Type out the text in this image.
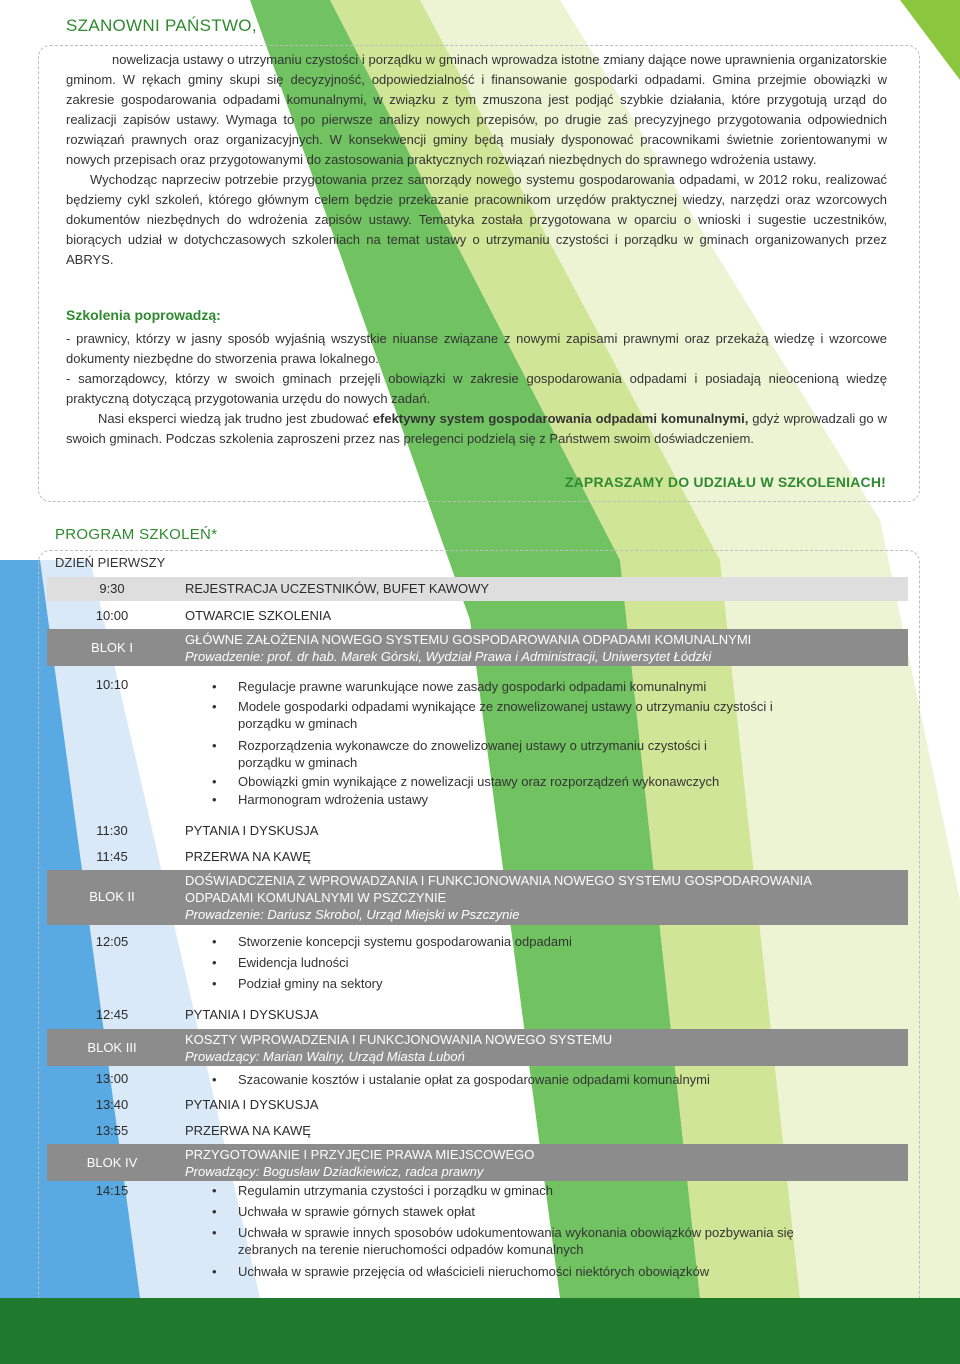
SZANOWNI PAŃSTWO,

nowelizacja ustawy o utrzymaniu czystości i porządku w gminach wprowadza istotne zmiany dające nowe uprawnienia organizatorskie gminom. W rękach gminy skupi się decyzyjność, odpowiedzialność i finansowanie gospodarki odpadami. Gmina przejmie obowiązki w zakresie gospodarowania odpadami komunalnymi, w związku z tym zmuszona jest podjąć szybkie działania, które przygotują urząd do realizacji zapisów ustawy. Wymaga to po pierwsze analizy nowych przepisów, po drugie zaś precyzyjnego przygotowania odpowiednich rozwiązań prawnych oraz organizacyjnych. W konsekwencji gminy będą musiały dysponować pracownikami świetnie zorientowanymi w nowych przepisach oraz przygotowanymi do zastosowania praktycznych rozwiązań niezbędnych do sprawnego wdrożenia ustawy.

Wychodząc naprzeciw potrzebie przygotowania przez samorządy nowego systemu gospodarowania odpadami, w 2012 roku, realizować będziemy cykl szkoleń, którego głównym celem będzie przekazanie pracownikom urzędów praktycznej wiedzy, narzędzi oraz wzorcowych dokumentów niezbędnych do wdrożenia zapisów ustawy. Tematyka została przygotowana w oparciu o wnioski i sugestie uczestników, biorących udział w dotychczasowych szkoleniach na temat ustawy o utrzymaniu czystości i porządku w gminach organizowanych przez ABRYS.

Szkolenia poprowadzą:

- prawnicy, którzy w jasny sposób wyjaśnią wszystkie niuanse związane z nowymi zapisami prawnymi oraz przekażą wiedzę i wzorcowe dokumenty niezbędne do stworzenia prawa lokalnego.

- samorządowcy, którzy w swoich gminach przejęli obowiązki w zakresie gospodarowania odpadami i posiadają nieocenioną wiedzę praktyczną dotyczącą przygotowania urzędu do nowych zadań.

Nasi eksperci wiedzą jak trudno jest zbudować efektywny system gospodarowania odpadami komunalnymi, gdyż wprowadzali go w swoich gminach. Podczas szkolenia zaproszeni przez nas prelegenci podzielą się z Państwem swoim doświadczeniem.

ZAPRASZAMY DO UDZIAŁU W SZKOLENIACH!
PROGRAM SZKOLEŃ*
DZIEŃ PIERWSZY
9:30	REJESTRACJA UCZESTNIKÓW, BUFET KAWOWY
10:00	OTWARCIE SZKOLENIA
BLOK I
GŁÓWNE ZAŁOŻENIA NOWEGO SYSTEMU GOSPODAROWANIA ODPADAMI KOMUNALNYMI
Prowadzenie: prof. dr hab. Marek Górski, Wydział Prawa i Administracji, Uniwersytet Łódzki
10:10	• Regulacje prawne warunkujące nowe zasady gospodarki odpadami komunalnymi
• Modele gospodarki odpadami wynikające ze znowelizowanej ustawy o utrzymaniu czystości i porządku w gminach
• Rozporządzenia wykonawcze do znowelizowanej ustawy o utrzymaniu czystości i porządku w gminach
• Obowiązki gmin wynikające z nowelizacji ustawy oraz rozporządzeń wykonawczych
• Harmonogram wdrożenia ustawy
11:30	PYTANIA I DYSKUSJA
11:45	PRZERWA NA KAWĘ
BLOK II
DOŚWIADCZENIA Z WPROWADZANIA I FUNKCJONOWANIA NOWEGO SYSTEMU GOSPODAROWANIA
ODPADAMI KOMUNALNYMI W PSZCZYNIE
Prowadzenie: Dariusz Skrobol, Urząd Miejski w Pszczynie
12:05	• Stworzenie koncepcji systemu gospodarowania odpadami
• Ewidencja ludności
• Podział gminy na sektory
12:45	PYTANIA I DYSKUSJA
BLOK III
KOSZTY WPROWADZENIA I FUNKCJONOWANIA NOWEGO SYSTEMU
Prowadzący: Marian Walny, Urząd Miasta Luboń
13:00	• Szacowanie kosztów i ustalanie opłat za gospodarowanie odpadami komunalnymi
13:40	PYTANIA I DYSKUSJA
13:55	PRZERWA NA KAWĘ
BLOK IV
PRZYGOTOWANIE I PRZYJĘCIE PRAWA MIEJSCOWEGO
Prowadzący: Bogusław Dziadkiewicz, radca prawny
14:15	• Regulamin utrzymania czystości i porządku w gminach
• Uchwała w sprawie górnych stawek opłat
• Uchwała w sprawie innych sposobów udokumentowania wykonania obowiązków pozbywania się zebranych na terenie nieruchomości odpadów komunalnych
• Uchwała w sprawie przejęcia od właścicieli nieruchomości niektórych obowiązków
